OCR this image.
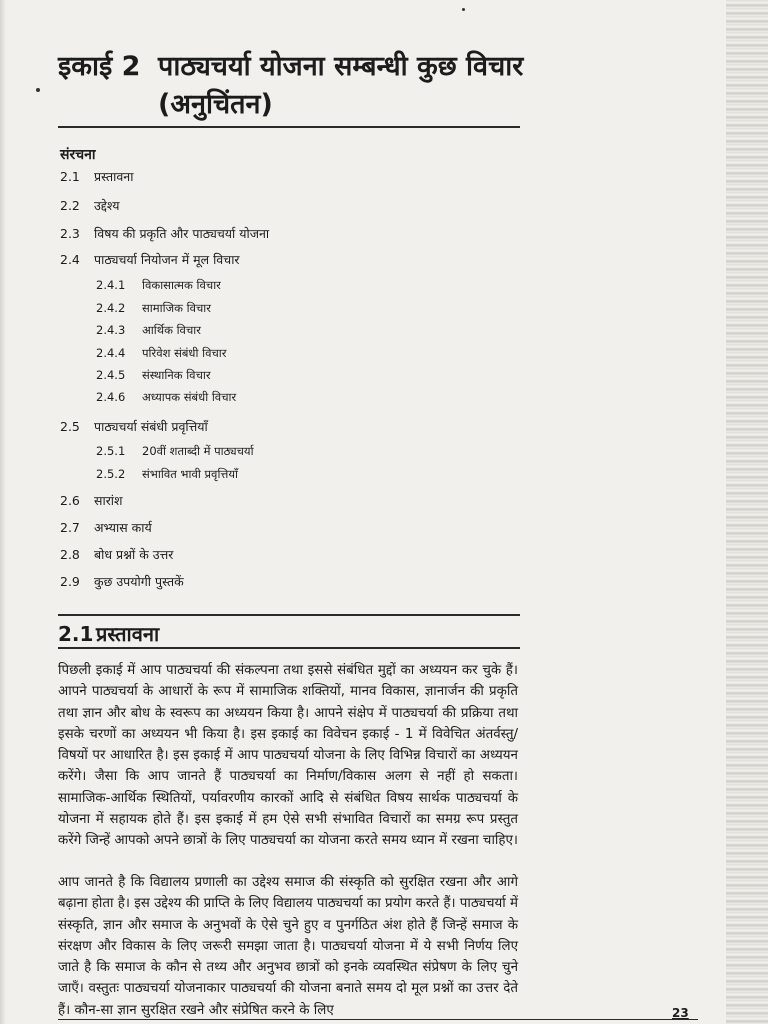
इकाई 2 पाठ्यचर्या योजना सम्बन्धी कुछ विचार
(अनुचिंतन)
संरचना
2.1 प्रस्तावना
2.2 उद्देश्य
2.3 विषय की प्रकृति और पाठ्यचर्या योजना
2.4 पाठ्यचर्या नियोजन में मूल विचार
2.4.1 विकासात्मक विचार
2.4.2 सामाजिक विचार
2.4.3 आर्थिक विचार
2.4.4 परिवेश संबंधी विचार
2.4.5 संस्थानिक विचार
2.4.6 अध्यापक संबंधी विचार
2.5 पाठ्यचर्या संबंधी प्रवृत्तियाँ
2.5.1 20वीं शताब्दी में पाठ्यचर्या
2.5.2 संभावित भावी प्रवृत्तियाँ
2.6 सारांश
2.7 अभ्यास कार्य
2.8 बोध प्रश्नों के उत्तर
2.9 कुछ उपयोगी पुस्तकें
2.1 प्रस्तावना

पिछली इकाई में आप पाठ्यचर्या की संकल्पना तथा इससे संबंधित मुद्दों का अध्ययन कर चुके हैं। आपने पाठ्यचर्या के आधारों के रूप में सामाजिक शक्तियों, मानव विकास, ज्ञानार्जन की प्रकृति तथा ज्ञान और बोध के स्वरूप का अध्ययन किया है। आपने संक्षेप में पाठ्यचर्या की प्रक्रिया तथा इसके चरणों का अध्ययन भी किया है। इस इकाई का विवेचन इकाई - 1 में विवेचित अंतर्वस्तु/विषयों पर आधारित है। इस इकाई में आप पाठ्यचर्या योजना के लिए विभिन्न विचारों का अध्ययन करेंगे। जैसा कि आप जानते हैं पाठ्यचर्या का निर्माण/विकास अलग से नहीं हो सकता। सामाजिक-आर्थिक स्थितियों, पर्यावरणीय कारकों आदि से संबंधित विषय सार्थक पाठ्यचर्या के योजना में सहायक होते हैं। इस इकाई में हम ऐसे सभी संभावित विचारों का समग्र रूप प्रस्तुत करेंगे जिन्हें आपको अपने छात्रों के लिए पाठ्यचर्या का योजना करते समय ध्यान में रखना चाहिए।

आप जानते है कि विद्यालय प्रणाली का उद्देश्य समाज की संस्कृति को सुरक्षित रखना और आगे बढ़ाना होता है। इस उद्देश्य की प्राप्ति के लिए विद्यालय पाठ्यचर्या का प्रयोग करते हैं। पाठ्यचर्या में संस्कृति, ज्ञान और समाज के अनुभवों के ऐसे चुने हुए व पुनर्गठित अंश होते हैं जिन्हें समाज के संरक्षण और विकास के लिए जरूरी समझा जाता है। पाठ्यचर्या योजना में ये सभी निर्णय लिए जाते है कि समाज के कौन से तथ्य और अनुभव छात्रों को इनके व्यवस्थित संप्रेषण के लिए चुने जाएँ। वस्तुतः पाठ्यचर्या योजनाकार पाठ्यचर्या की योजना बनाते समय दो मूल प्रश्नों का उत्तर देते हैं। कौन-सा ज्ञान सुरक्षित रखने और संप्रेषित करने के लिए	23
